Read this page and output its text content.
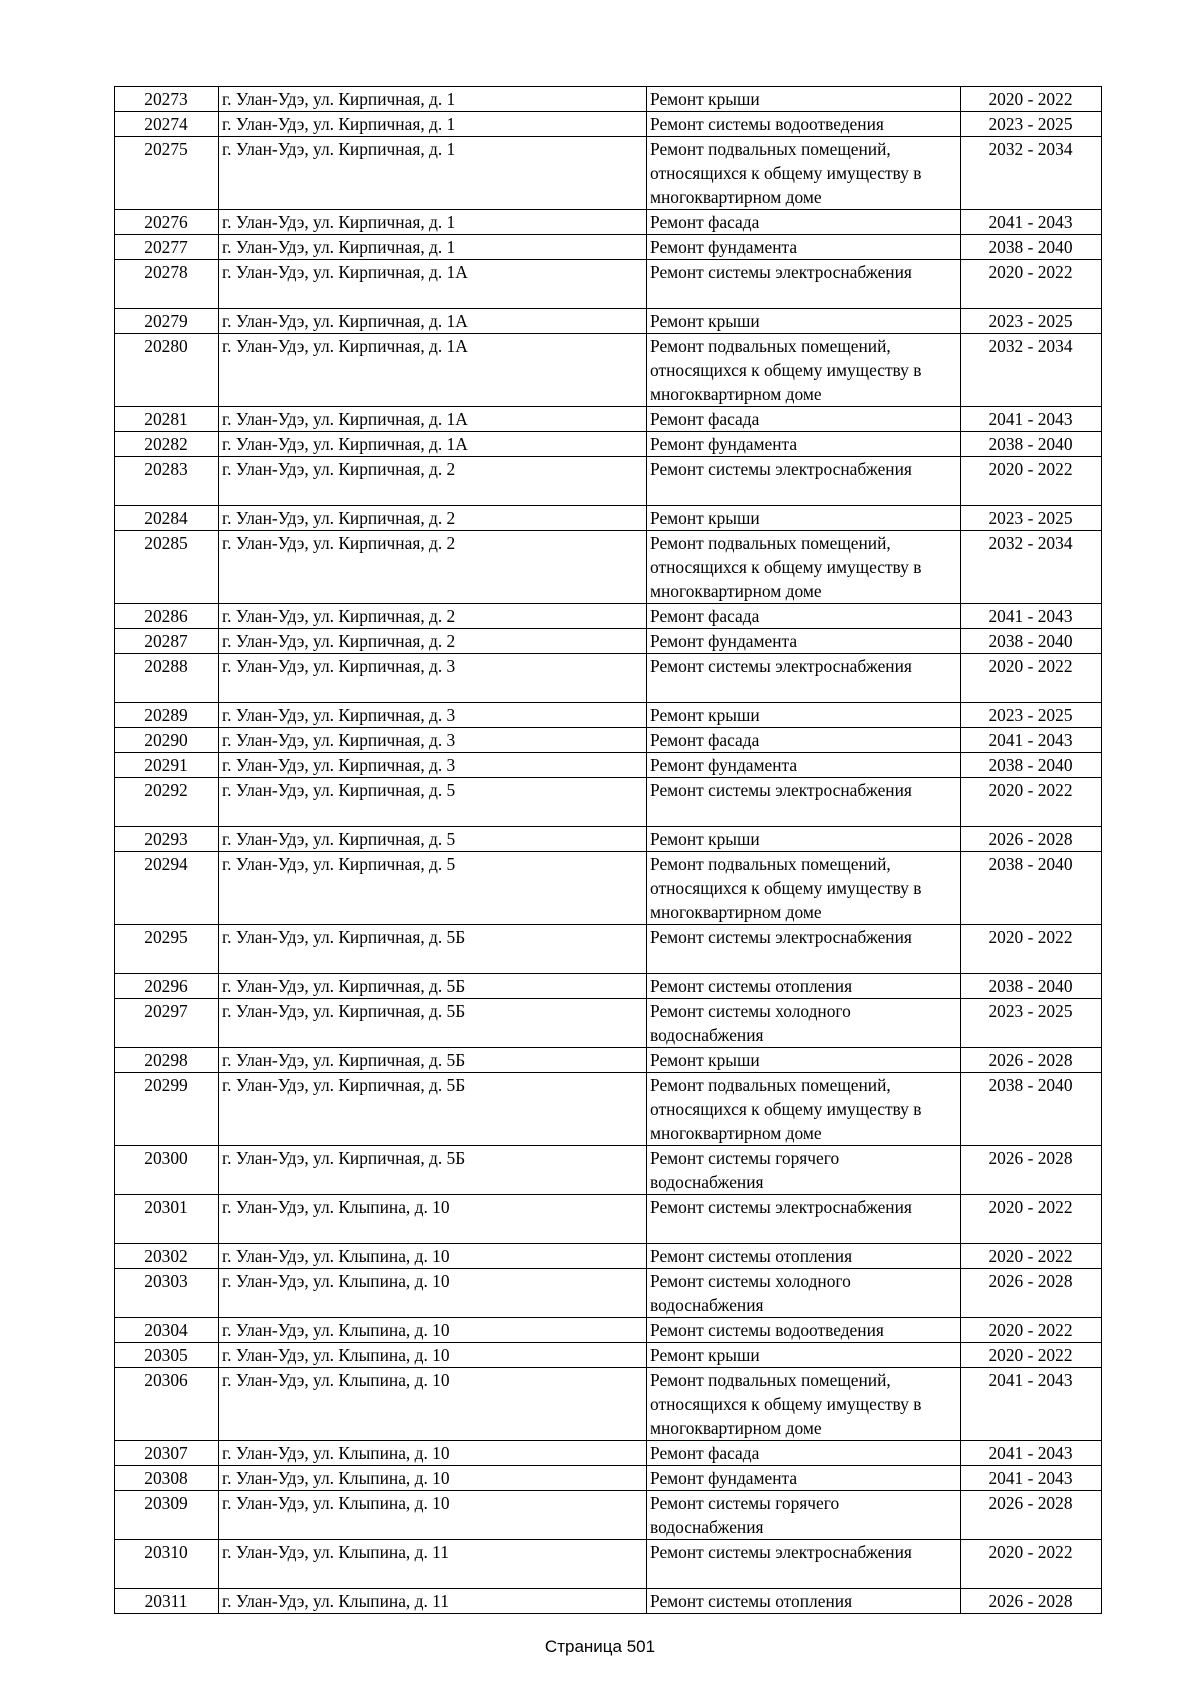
20273	г. Улан-Удэ, ул. Кирпичная, д. 1	Ремонт крыши	2020 - 2022
20274	г. Улан-Удэ, ул. Кирпичная, д. 1	Ремонт системы водоотведения	2023 - 2025
20275	г. Улан-Удэ, ул. Кирпичная, д. 1	Ремонт подвальных помещений, относящихся к общему имуществу в многоквартирном доме	2032 - 2034
20276	г. Улан-Удэ, ул. Кирпичная, д. 1	Ремонт фасада	2041 - 2043
20277	г. Улан-Удэ, ул. Кирпичная, д. 1	Ремонт фундамента	2038 - 2040
20278	г. Улан-Удэ, ул. Кирпичная, д. 1А	Ремонт системы электроснабжения	2020 - 2022
20279	г. Улан-Удэ, ул. Кирпичная, д. 1А	Ремонт крыши	2023 - 2025
20280	г. Улан-Удэ, ул. Кирпичная, д. 1А	Ремонт подвальных помещений, относящихся к общему имуществу в многоквартирном доме	2032 - 2034
20281	г. Улан-Удэ, ул. Кирпичная, д. 1А	Ремонт фасада	2041 - 2043
20282	г. Улан-Удэ, ул. Кирпичная, д. 1А	Ремонт фундамента	2038 - 2040
20283	г. Улан-Удэ, ул. Кирпичная, д. 2	Ремонт системы электроснабжения	2020 - 2022
20284	г. Улан-Удэ, ул. Кирпичная, д. 2	Ремонт крыши	2023 - 2025
20285	г. Улан-Удэ, ул. Кирпичная, д. 2	Ремонт подвальных помещений, относящихся к общему имуществу в многоквартирном доме	2032 - 2034
20286	г. Улан-Удэ, ул. Кирпичная, д. 2	Ремонт фасада	2041 - 2043
20287	г. Улан-Удэ, ул. Кирпичная, д. 2	Ремонт фундамента	2038 - 2040
20288	г. Улан-Удэ, ул. Кирпичная, д. 3	Ремонт системы электроснабжения	2020 - 2022
20289	г. Улан-Удэ, ул. Кирпичная, д. 3	Ремонт крыши	2023 - 2025
20290	г. Улан-Удэ, ул. Кирпичная, д. 3	Ремонт фасада	2041 - 2043
20291	г. Улан-Удэ, ул. Кирпичная, д. 3	Ремонт фундамента	2038 - 2040
20292	г. Улан-Удэ, ул. Кирпичная, д. 5	Ремонт системы электроснабжения	2020 - 2022
20293	г. Улан-Удэ, ул. Кирпичная, д. 5	Ремонт крыши	2026 - 2028
20294	г. Улан-Удэ, ул. Кирпичная, д. 5	Ремонт подвальных помещений, относящихся к общему имуществу в многоквартирном доме	2038 - 2040
20295	г. Улан-Удэ, ул. Кирпичная, д. 5Б	Ремонт системы электроснабжения	2020 - 2022
20296	г. Улан-Удэ, ул. Кирпичная, д. 5Б	Ремонт системы отопления	2038 - 2040
20297	г. Улан-Удэ, ул. Кирпичная, д. 5Б	Ремонт системы холодного водоснабжения	2023 - 2025
20298	г. Улан-Удэ, ул. Кирпичная, д. 5Б	Ремонт крыши	2026 - 2028
20299	г. Улан-Удэ, ул. Кирпичная, д. 5Б	Ремонт подвальных помещений, относящихся к общему имуществу в многоквартирном доме	2038 - 2040
20300	г. Улан-Удэ, ул. Кирпичная, д. 5Б	Ремонт системы горячего водоснабжения	2026 - 2028
20301	г. Улан-Удэ, ул. Клыпина, д. 10	Ремонт системы электроснабжения	2020 - 2022
20302	г. Улан-Удэ, ул. Клыпина, д. 10	Ремонт системы отопления	2020 - 2022
20303	г. Улан-Удэ, ул. Клыпина, д. 10	Ремонт системы холодного водоснабжения	2026 - 2028
20304	г. Улан-Удэ, ул. Клыпина, д. 10	Ремонт системы водоотведения	2020 - 2022
20305	г. Улан-Удэ, ул. Клыпина, д. 10	Ремонт крыши	2020 - 2022
20306	г. Улан-Удэ, ул. Клыпина, д. 10	Ремонт подвальных помещений, относящихся к общему имуществу в многоквартирном доме	2041 - 2043
20307	г. Улан-Удэ, ул. Клыпина, д. 10	Ремонт фасада	2041 - 2043
20308	г. Улан-Удэ, ул. Клыпина, д. 10	Ремонт фундамента	2041 - 2043
20309	г. Улан-Удэ, ул. Клыпина, д. 10	Ремонт системы горячего водоснабжения	2026 - 2028
20310	г. Улан-Удэ, ул. Клыпина, д. 11	Ремонт системы электроснабжения	2020 - 2022
20311	г. Улан-Удэ, ул. Клыпина, д. 11	Ремонт системы отопления	2026 - 2028
Страница 501
